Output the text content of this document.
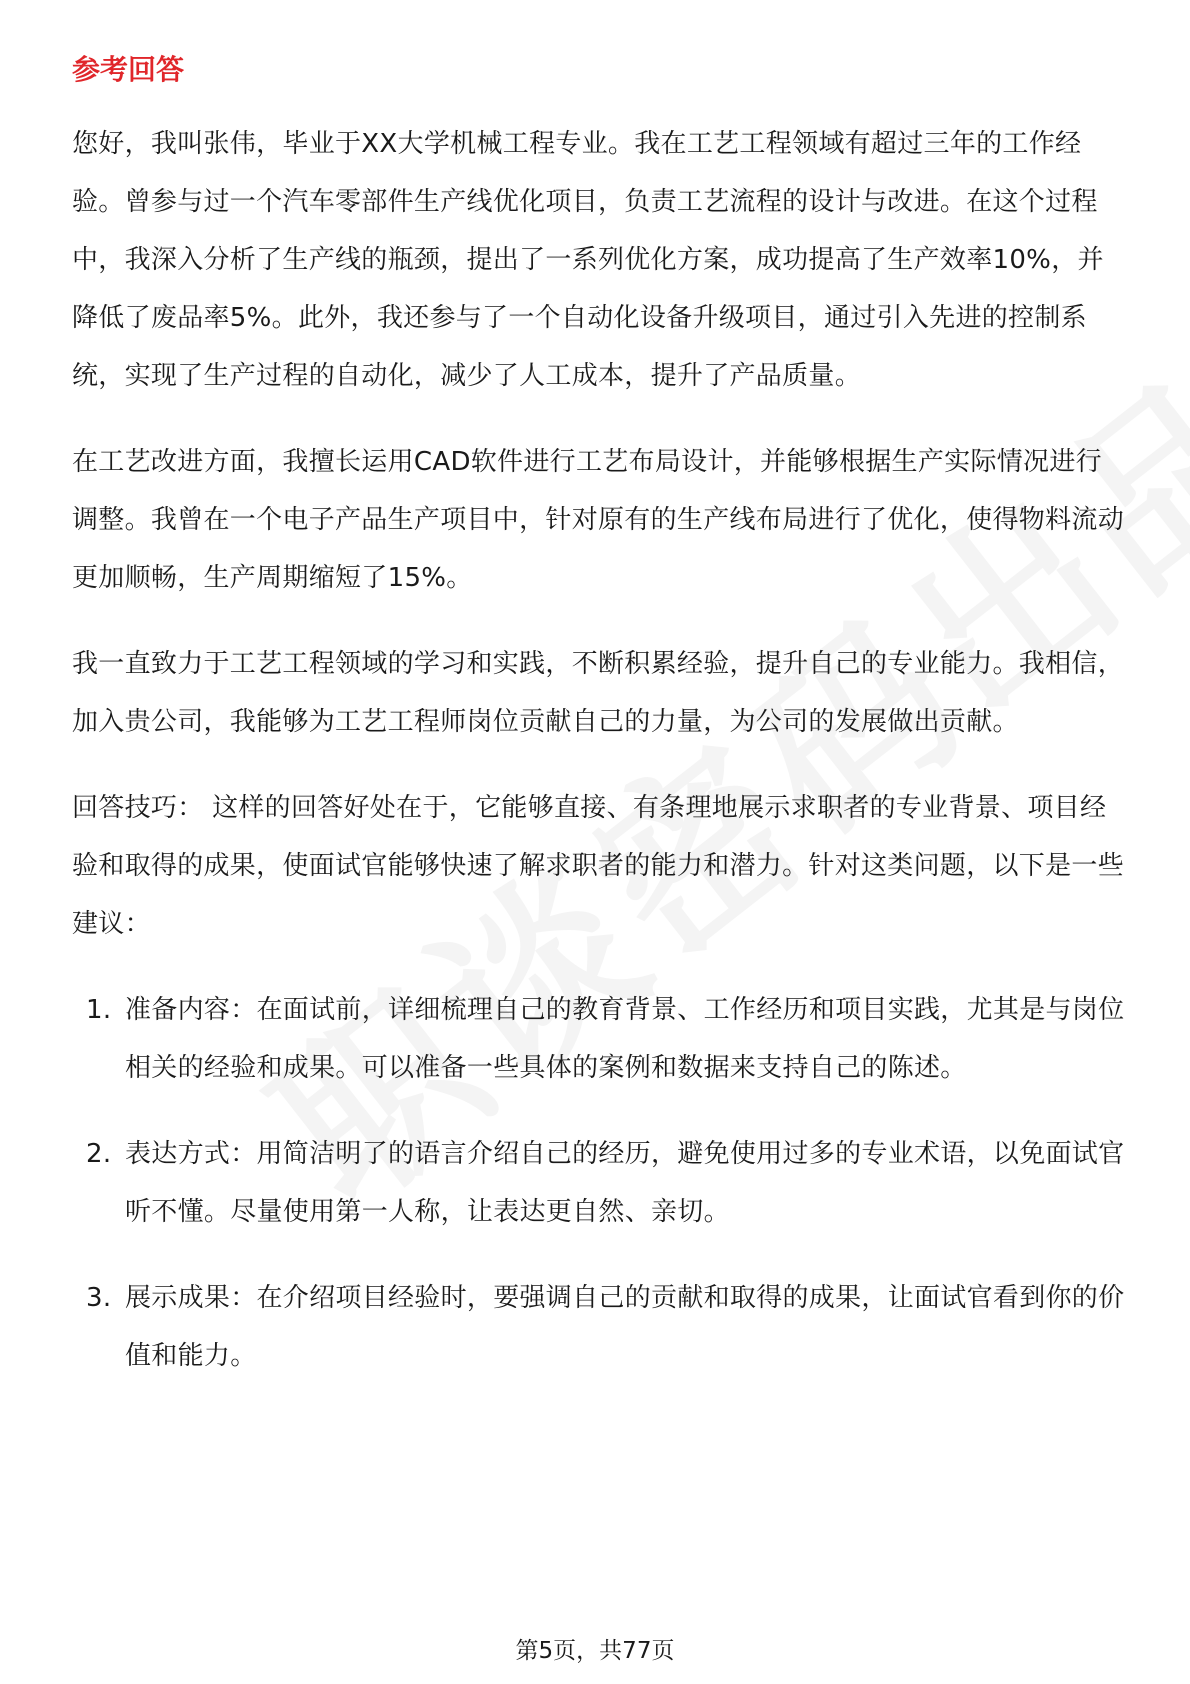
参考回答

您好，我叫张伟，毕业于XX大学机械工程专业。我在工艺工程领域有超过三年的工作经验。曾参与过一个汽车零部件生产线优化项目，负责工艺流程的设计与改进。在这个过程中，我深入分析了生产线的瓶颈，提出了一系列优化方案，成功提高了生产效率10%，并降低了废品率5%。此外，我还参与了一个自动化设备升级项目，通过引入先进的控制系统，实现了生产过程的自动化，减少了人工成本，提升了产品质量。

在工艺改进方面，我擅长运用CAD软件进行工艺布局设计，并能够根据生产实际情况进行调整。我曾在一个电子产品生产项目中，针对原有的生产线布局进行了优化，使得物料流动更加顺畅，生产周期缩短了15%。

我一直致力于工艺工程领域的学习和实践，不断积累经验，提升自己的专业能力。我相信，加入贵公司，我能够为工艺工程师岗位贡献自己的力量，为公司的发展做出贡献。

回答技巧： 这样的回答好处在于，它能够直接、有条理地展示求职者的专业背景、项目经验和取得的成果，使面试官能够快速了解求职者的能力和潜力。针对这类问题，以下是一些建议：

1. 准备内容：在面试前，详细梳理自己的教育背景、工作经历和项目实践，尤其是与岗位相关的经验和成果。可以准备一些具体的案例和数据来支持自己的陈述。
2. 表达方式：用简洁明了的语言介绍自己的经历，避免使用过多的专业术语，以免面试官听不懂。尽量使用第一人称，让表达更自然、亲切。
3. 展示成果：在介绍项目经验时，要强调自己的贡献和取得的成果，让面试官看到你的价值和能力。
第5页，共77页
